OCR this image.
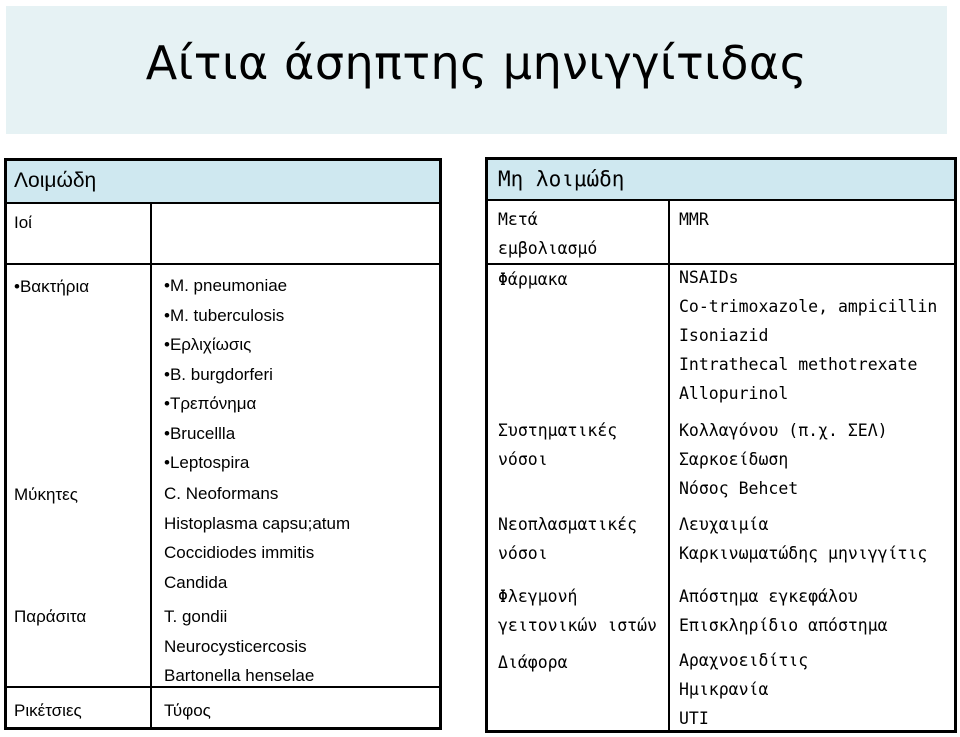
Αίτια άσηπτης μηνιγγίτιδας
Λοιμώδη
Ιοί
•Βακτήρια
Μύκητες
Παράσιτα
Ρικέτσιες
•M. pneumoniae
•M. tuberculosis
•Ερλιχίωσις
•B. burgdorferi
•Τρεπόνημα
•Brucellla
•Leptospira
C. Neoformans
Histoplasma capsu;atum
Coccidiodes immitis
Candida
T. gondii
Neurocysticercosis
Bartonella henselae
Τύφος
Μη λοιμώδη
Μετά
εμβολιασμό
Φάρμακα
Συστηματικές
νόσοι
Νεοπλασματικές
νόσοι
Φλεγμονή
γειτονικών ιστών
Διάφορα
MMR
NSAIDs
Co-trimoxazole, ampicillin
Isoniazid
Intrathecal methotrexate
Allopurinol
Κολλαγόνου (π.χ. ΣΕΛ)
Σαρκοείδωση
Νόσος Behcet
Λευχαιμία
Καρκινωματώδης μηνιγγίτις
Απόστημα εγκεφάλου
Επισκληρίδιο απόστημα
Αραχνοειδίτις
Ημικρανία
UTI
